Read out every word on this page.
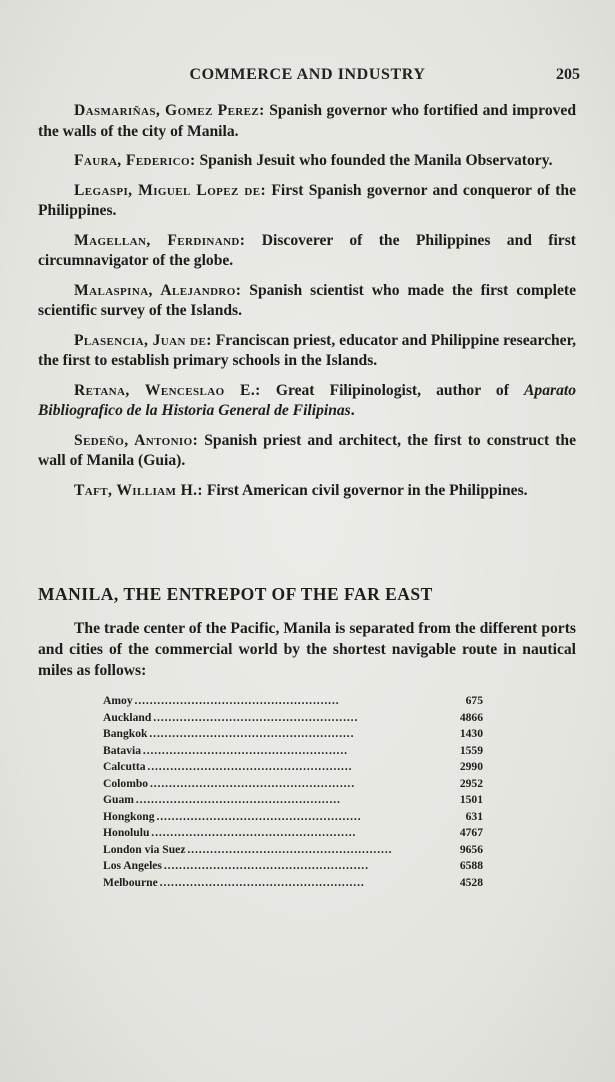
COMMERCE AND INDUSTRY	205

Dasmariñas, Gomez Perez: Spanish governor who fortified and improved the walls of the city of Manila.

Faura, Federico: Spanish Jesuit who founded the Manila Observatory.

Legaspi, Miguel Lopez de: First Spanish governor and conqueror of the Philippines.

Magellan, Ferdinand: Discoverer of the Philippines and first circumnavigator of the globe.

Malaspina, Alejandro: Spanish scientist who made the first complete scientific survey of the Islands.

Plasencia, Juan de: Franciscan priest, educator and Philippine researcher, the first to establish primary schools in the Islands.

Retana, Wenceslao E.: Great Filipinologist, author of Aparato Bibliografico de la Historia General de Filipinas.

Sedeño, Antonio: Spanish priest and architect, the first to construct the wall of Manila (Guia).

Taft, William H.: First American civil governor in the Philippines.

MANILA, THE ENTREPOT OF THE FAR EAST

The trade center of the Pacific, Manila is separated from the different ports and cities of the commercial world by the shortest navigable route in nautical miles as follows:

Amoy . . .	675
Auckland . . .	4866
Bangkok . . .	1430
Batavia . . .	1559
Calcutta . . .	2990
Colombo . . .	2952
Guam . . .	1501
Hongkong . . .	631
Honolulu . . .	4767
London via Suez . . .	9656
Los Angeles . . .	6588
Melbourne . . .	4528
